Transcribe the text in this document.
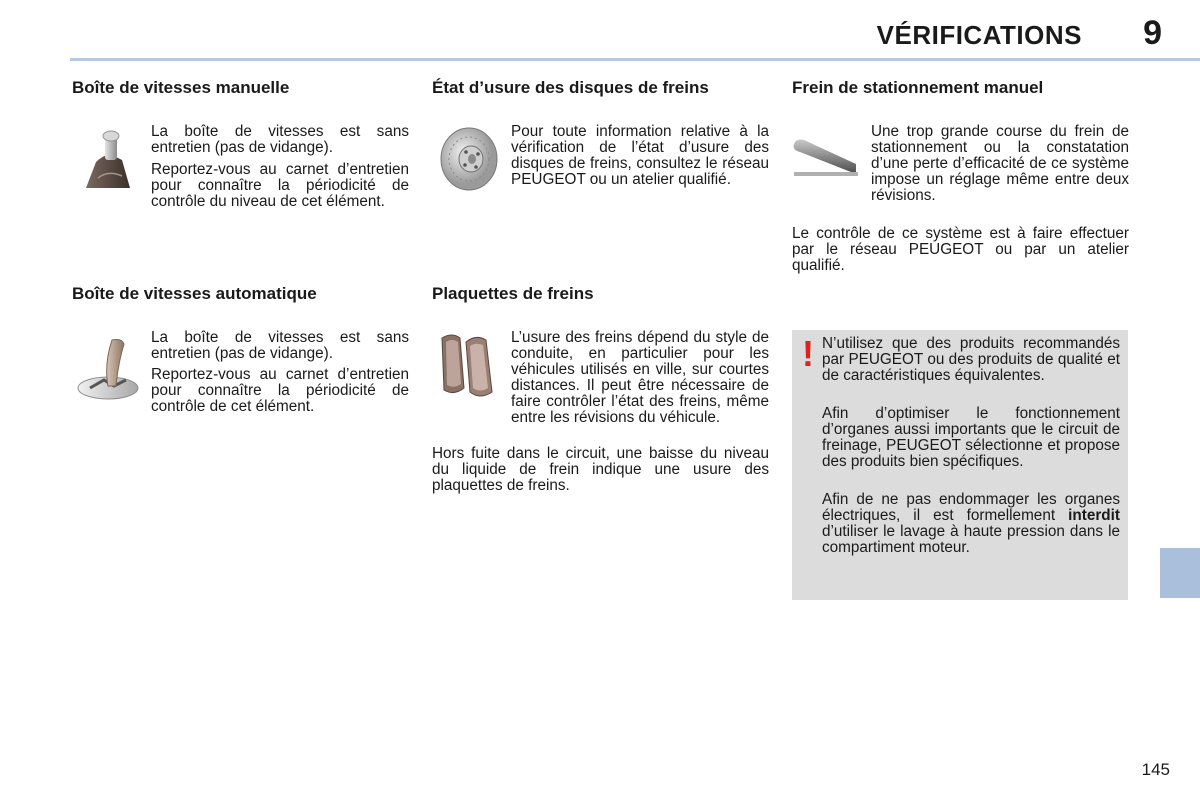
VÉRIFICATIONS 9
145
Boîte de vitesses manuelle

La boîte de vitesses est sans entretien (pas de vidange).

Reportez-vous au carnet d’entretien pour connaître la périodicité de contrôle du niveau de cet élément.

Boîte de vitesses automatique

La boîte de vitesses est sans entretien (pas de vidange).

Reportez-vous au carnet d’entretien pour connaître la périodicité de contrôle de cet élément.

État d’usure des disques de freins

Pour toute information relative à la vérification de l’état d’usure des disques de freins, consultez le réseau PEUGEOT ou un atelier qualifié.

Plaquettes de freins

L’usure des freins dépend du style de conduite, en particulier pour les véhicules utilisés en ville, sur courtes distances. Il peut être nécessaire de faire contrôler l’état des freins, même entre les révisions du véhicule.

Hors fuite dans le circuit, une baisse du niveau du liquide de frein indique une usure des plaquettes de freins.

Frein de stationnement manuel

Une trop grande course du frein de stationnement ou la constatation d’une perte d’efficacité de ce système impose un réglage même entre deux révisions.

Le contrôle de ce système est à faire effectuer par le réseau PEUGEOT ou par un atelier qualifié.

! N’utilisez que des produits recommandés par PEUGEOT ou des produits de qualité et de caractéristiques équivalentes.

Afin d’optimiser le fonctionnement d’organes aussi importants que le circuit de freinage, PEUGEOT sélectionne et propose des produits bien spécifiques.

Afin de ne pas endommager les organes électriques, il est formellement interdit d’utiliser le lavage à haute pression dans le compartiment moteur.
